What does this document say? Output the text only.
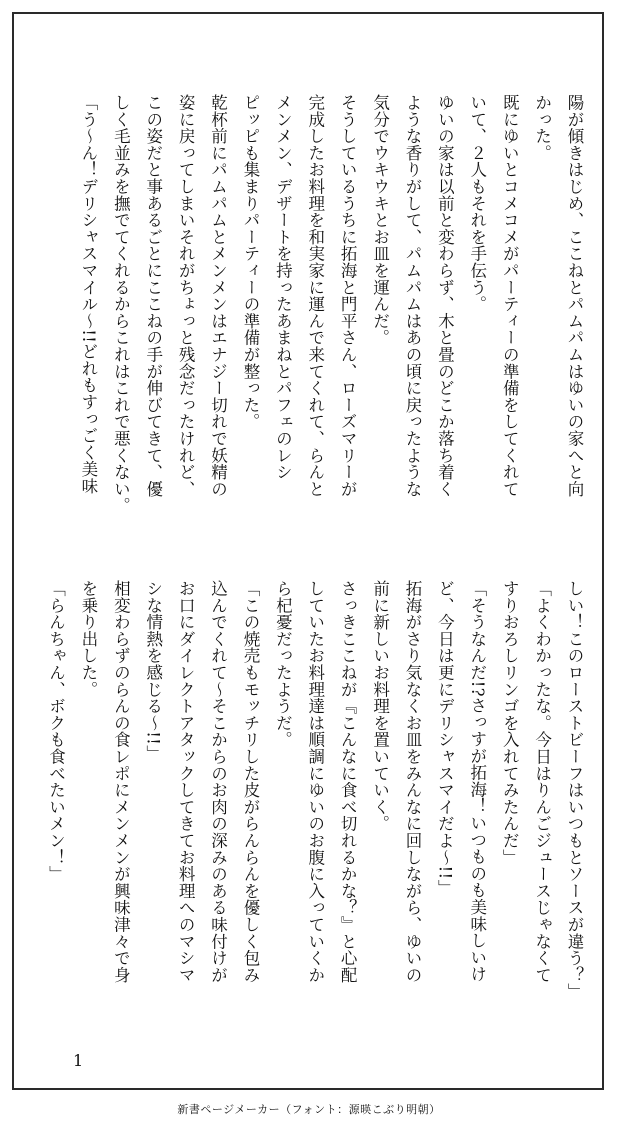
陽が傾きはじめ、ここねとパムパムはゆいの家へと向
かった。
既にゆいとコメコメがパーティーの準備をしてくれて
いて、２人もそれを手伝う。
ゆいの家は以前と変わらず、木と畳のどこか落ち着く
ような香りがして、パムパムはあの頃に戻ったような
気分でウキウキとお皿を運んだ。
そうしているうちに拓海と門平さん、ローズマリーが
完成したお料理を和実家に運んで来てくれて、らんと
メンメン、デザートを持ったあまねとパフェのレシ
ピッピも集まりパーティーの準備が整った。
乾杯前にパムパムとメンメンはエナジー切れで妖精の
姿に戻ってしまいそれがちょっと残念だったけれど、
この姿だと事あるごとにここねの手が伸びてきて、優
しく毛並みを撫でてくれるからこれはこれで悪くない。
「う〜ん！デリシャスマイル〜!!どれもすっごく美味
しい！このローストビーフはいつもとソースが違う？」
「よくわかったな。今日はりんごジュースじゃなくて
すりおろしリンゴを入れてみたんだ」
「そうなんだ!?さっすが拓海！いつものも美味しいけ
ど、今日は更にデリシャスマイだよ〜!!」
拓海がさり気なくお皿をみんなに回しながら、ゆいの
前に新しいお料理を置いていく。
さっきここねが『こんなに食べ切れるかな？』と心配
していたお料理達は順調にゆいのお腹に入っていくか
ら杞憂だったようだ。
「この焼売もモッチリした皮がらんらんを優しく包み
込んでくれて〜そこからのお肉の深みのある味付けが
お口にダイレクトアタックしてきてお料理へのマシマ
シな情熱を感じる〜!!」
相変わらずのらんの食レポにメンメンが興味津々で身
を乗り出した。
「らんちゃん、ボクも食べたいメン！」
1
新書ページメーカー（フォント：源暎こぶり明朝）
